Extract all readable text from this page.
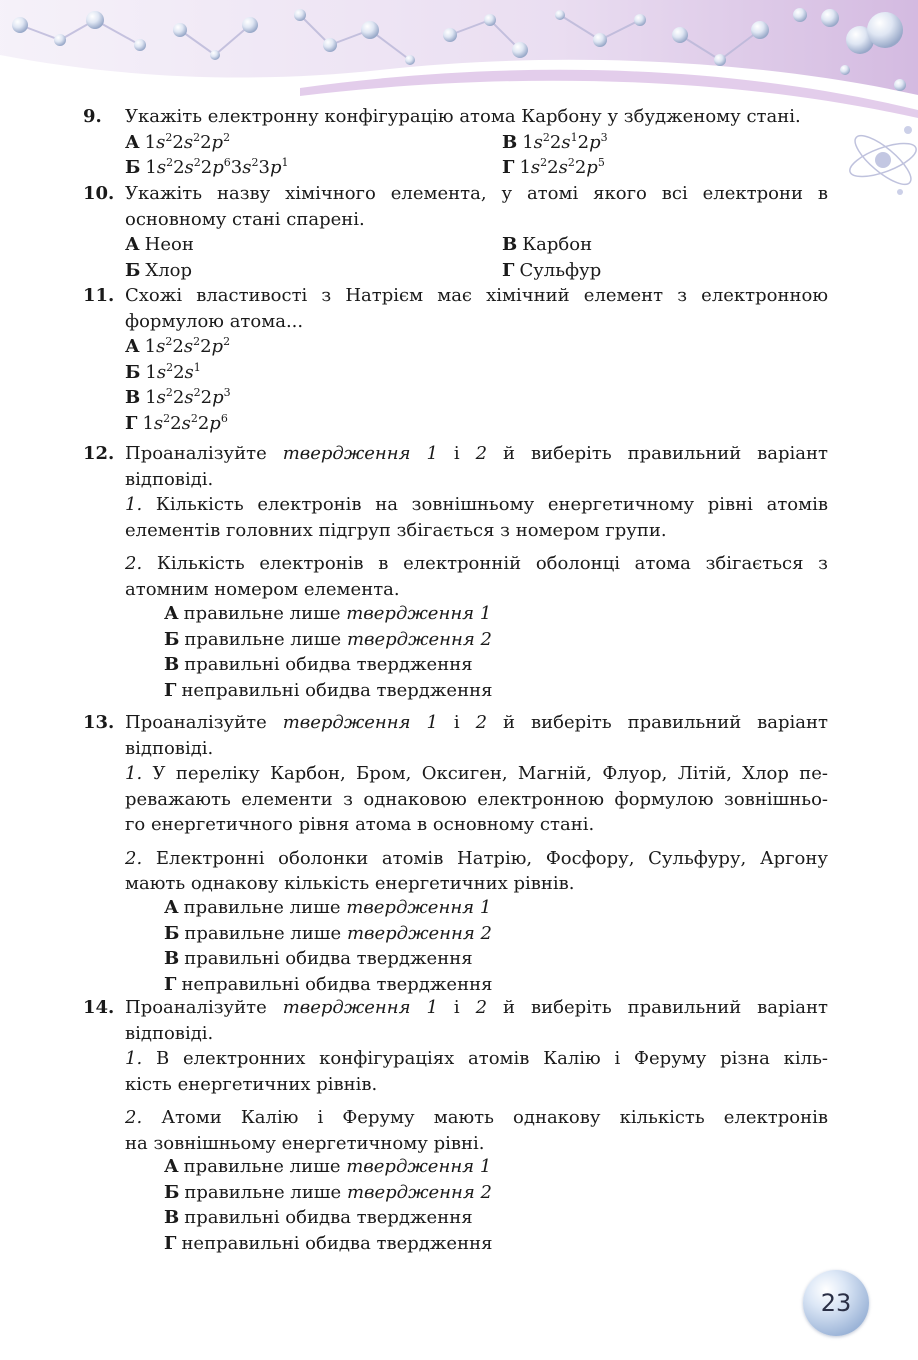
9.	Укажіть електронну конфігурацію атома Карбону у збудженому стані.
А $1s^22s^22p^2$	В $1s^22s^12p^3$
Б $1s^22s^22p^63s^23p^1$	Г $1s^22s^22p^5$
10. Укажіть назву хімічного елемента, у атомі якого всі електрони в
основному стані спарені.
А Неон	В Карбон
Б Хлор	Г Сульфур
11. Схожі властивості з Натрієм має хімічний елемент з електронною
формулою атома...
А $1s^22s^22p^2$
Б $1s^22s^1$
В $1s^22s^22p^3$
Г $1s^22s^22p^6$
12. Проаналізуйте твердження 1 і 2 й виберіть правильний варіант
відповіді.
1. Кількість електронів на зовнішньому енергетичному рівні атомів
елементів головних підгруп збігається з номером групи.
2. Кількість електронів в електронній оболонці атома збігається з
атомним номером елемента.
А правильне лише твердження 1
Б правильне лише твердження 2
В правильні обидва твердження
Г неправильні обидва твердження
13. Проаналізуйте твердження 1 і 2 й виберіть правильний варіант
відповіді.
1. У переліку Карбон, Бром, Оксиген, Магній, Флуор, Літій, Хлор пе-
реважають елементи з однаковою електронною формулою зовнішньо-
го енергетичного рівня атома в основному стані.
2. Електронні оболонки атомів Натрію, Фосфору, Сульфуру, Аргону
мають однакову кількість енергетичних рівнів.
А правильне лише твердження 1
Б правильне лише твердження 2
В правильні обидва твердження
Г неправильні обидва твердження
14. Проаналізуйте твердження 1 і 2 й виберіть правильний варіант
відповіді.
1. В електронних конфігураціях атомів Калію і Феруму різна кіль-
кість енергетичних рівнів.
2. Атоми Калію і Феруму мають однакову кількість електронів
на зовнішньому енергетичному рівні.
А правильне лише твердження 1
Б правильне лише твердження 2
В правильні обидва твердження
Г неправильні обидва твердження
23
